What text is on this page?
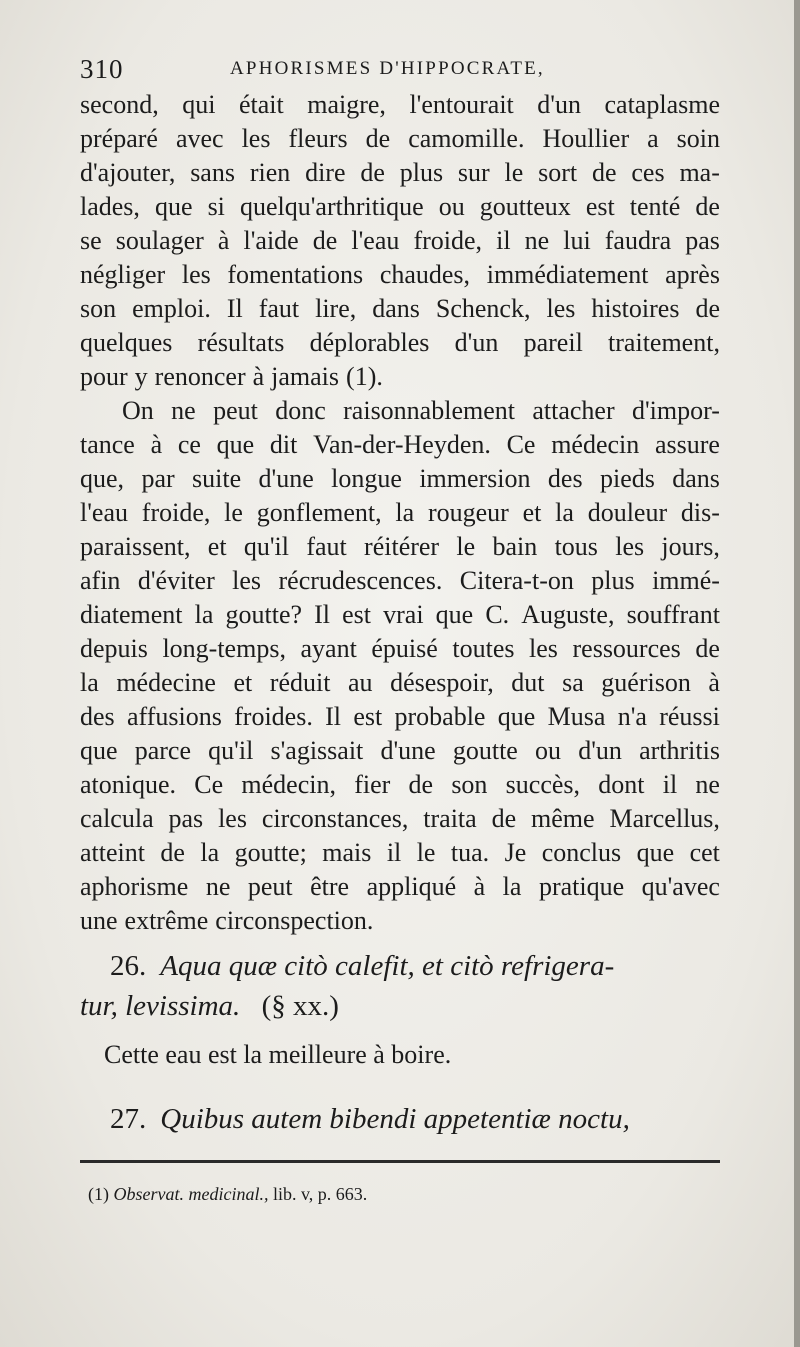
310	APHORISMES D'HIPPOCRATE,
second, qui était maigre, l'entourait d'un cataplasme
préparé avec les fleurs de camomille. Houllier a soin
d'ajouter, sans rien dire de plus sur le sort de ces ma-
lades, que si quelqu'arthritique ou goutteux est tenté de
se soulager à l'aide de l'eau froide, il ne lui faudra pas
négliger les fomentations chaudes, immédiatement après
son emploi. Il faut lire, dans Schenck, les histoires de
quelques résultats déplorables d'un pareil traitement,
pour y renoncer à jamais (1).
On ne peut donc raisonnablement attacher d'impor-
tance à ce que dit Van-der-Heyden. Ce médecin assure
que, par suite d'une longue immersion des pieds dans
l'eau froide, le gonflement, la rougeur et la douleur dis-
paraissent, et qu'il faut réitérer le bain tous les jours,
afin d'éviter les récrudescences. Citera-t-on plus immé-
diatement la goutte? Il est vrai que C. Auguste, souffrant
depuis long-temps, ayant épuisé toutes les ressources de
la médecine et réduit au désespoir, dut sa guérison à
des affusions froides. Il est probable que Musa n'a réussi
que parce qu'il s'agissait d'une goutte ou d'un arthritis
atonique. Ce médecin, fier de son succès, dont il ne
calcula pas les circonstances, traita de même Marcellus,
atteint de la goutte; mais il le tua. Je conclus que cet
aphorisme ne peut être appliqué à la pratique qu'avec
une extrême circonspection.
26. Aqua quæ citò calefit, et citò refrigera-
tur, levissima. (§ xx.)
Cette eau est la meilleure à boire.
27. Quibus autem bibendi appetentiæ noctu,
(1) Observat. medicinal., lib. v, p. 663.
